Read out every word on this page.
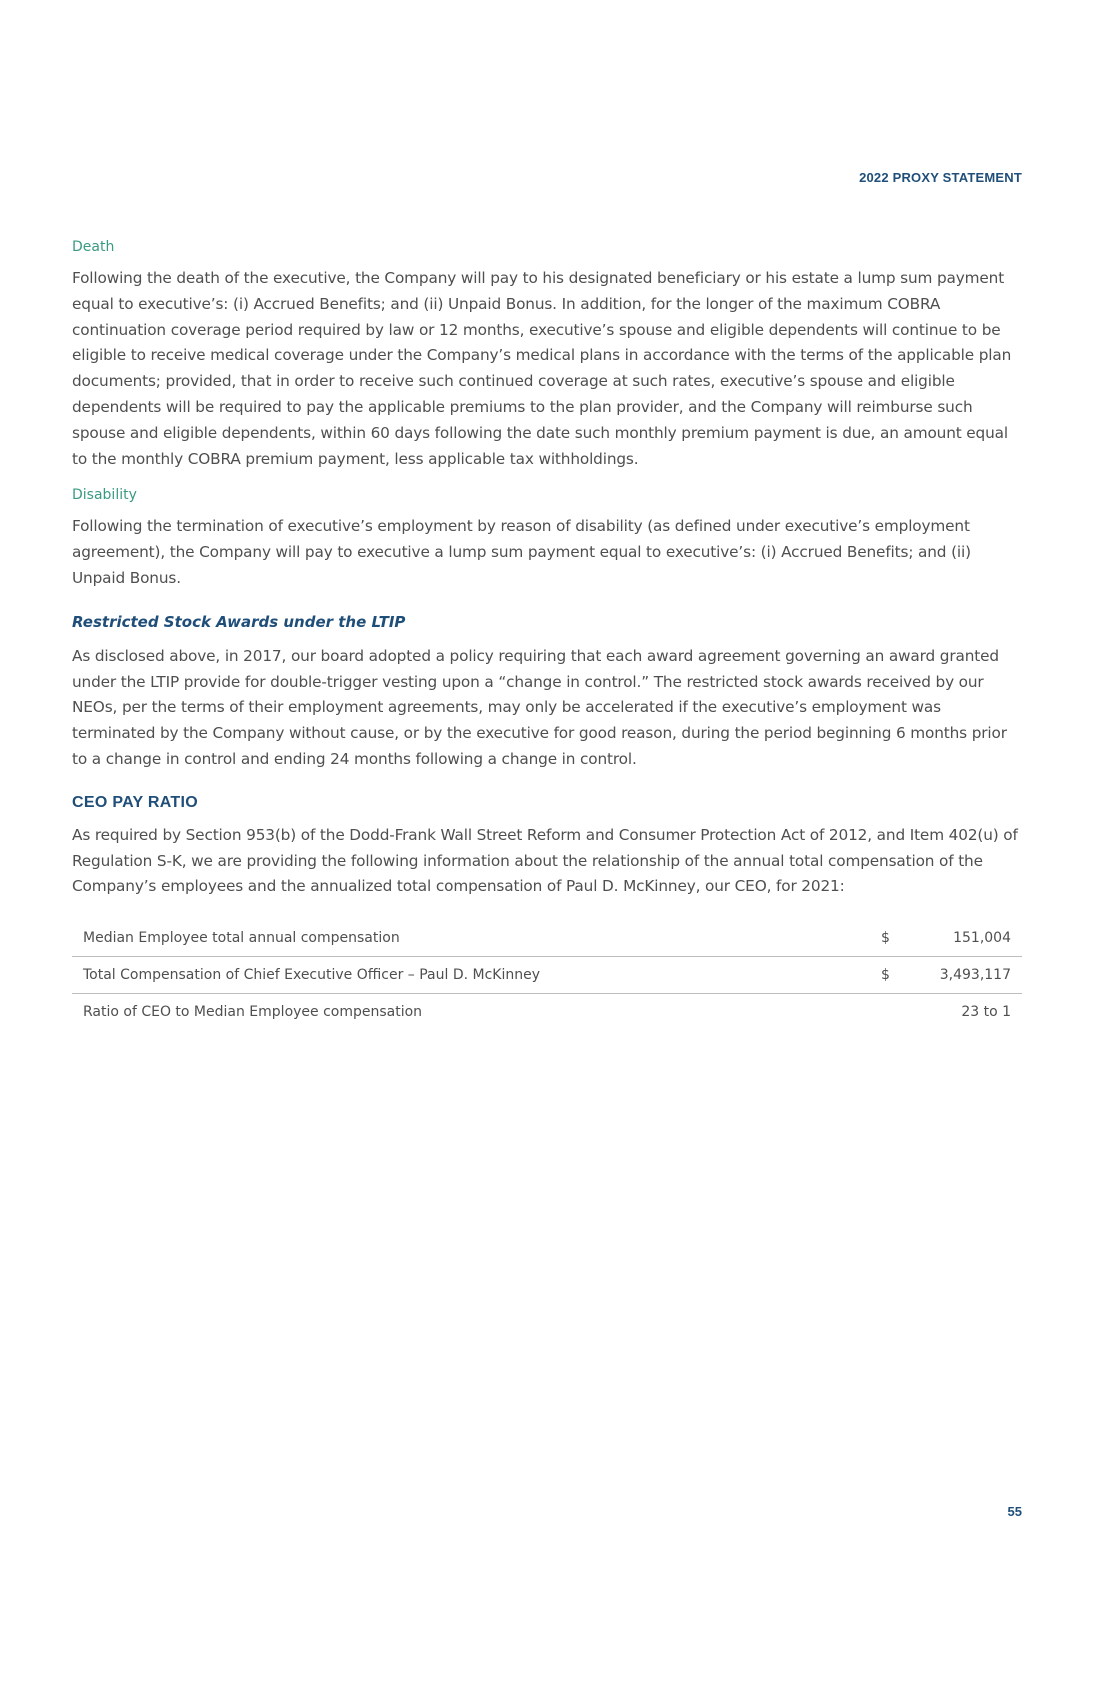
2022 PROXY STATEMENT
Death

Following the death of the executive, the Company will pay to his designated beneficiary or his estate a lump sum payment equal to executive’s: (i) Accrued Benefits; and (ii) Unpaid Bonus. In addition, for the longer of the maximum COBRA continuation coverage period required by law or 12 months, executive’s spouse and eligible dependents will continue to be eligible to receive medical coverage under the Company’s medical plans in accordance with the terms of the applicable plan documents; provided, that in order to receive such continued coverage at such rates, executive’s spouse and eligible dependents will be required to pay the applicable premiums to the plan provider, and the Company will reimburse such spouse and eligible dependents, within 60 days following the date such monthly premium payment is due, an amount equal to the monthly COBRA premium payment, less applicable tax withholdings.

Disability

Following the termination of executive’s employment by reason of disability (as defined under executive’s employment agreement), the Company will pay to executive a lump sum payment equal to executive’s: (i) Accrued Benefits; and (ii) Unpaid Bonus.

Restricted Stock Awards under the LTIP

As disclosed above, in 2017, our board adopted a policy requiring that each award agreement governing an award granted under the LTIP provide for double-trigger vesting upon a “change in control.” The restricted stock awards received by our NEOs, per the terms of their employment agreements, may only be accelerated if the executive’s employment was terminated by the Company without cause, or by the executive for good reason, during the period beginning 6 months prior to a change in control and ending 24 months following a change in control.

CEO PAY RATIO

As required by Section 953(b) of the Dodd-Frank Wall Street Reform and Consumer Protection Act of 2012, and Item 402(u) of Regulation S-K, we are providing the following information about the relationship of the annual total compensation of the Company’s employees and the annualized total compensation of Paul D. McKinney, our CEO, for 2021:

Median Employee total annual compensation	$	151,004
Total Compensation of Chief Executive Officer – Paul D. McKinney	$	3,493,117
Ratio of CEO to Median Employee compensation	23 to 1
55
